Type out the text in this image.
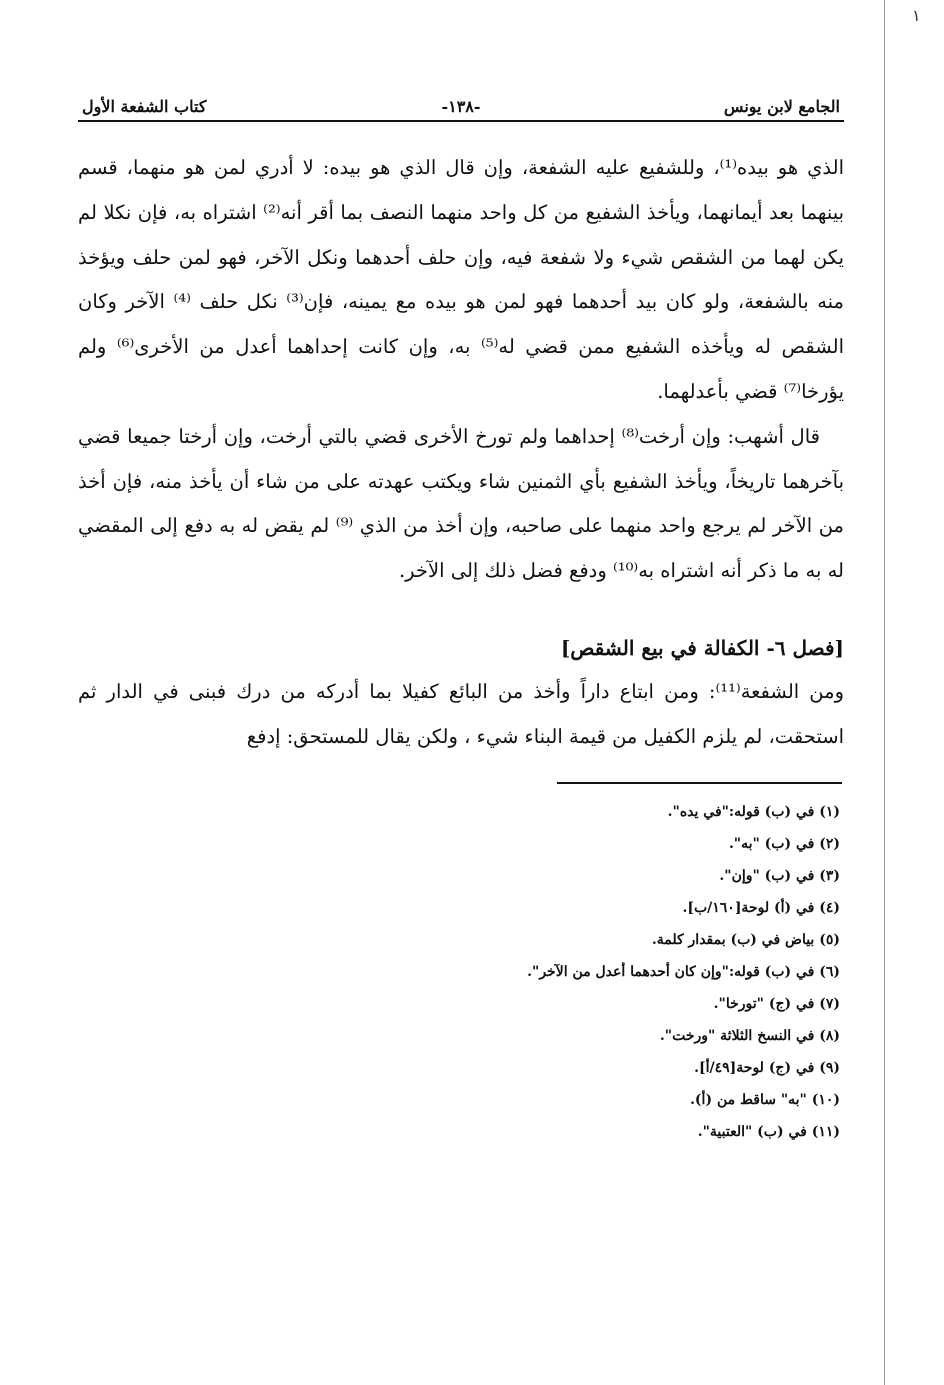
١
الجامع لابن يونس
-١٣٨-
كتاب الشفعة الأول

الذي هو بيده⁽¹⁾، وللشفيع عليه الشفعة، وإن قال الذي هو بيده: لا أدري لمن هو منهما، قسم بينهما بعد أيمانهما، ويأخذ الشفيع من كل واحد منهما النصف بما أقر أنه⁽²⁾ اشتراه به، فإن نكلا لم يكن لهما من الشقص شيء ولا شفعة فيه، وإن حلف أحدهما ونكل الآخر، فهو لمن حلف ويؤخذ منه بالشفعة، ولو كان بيد أحدهما فهو لمن هو بيده مع يمينه، فإن⁽³⁾ نكل حلف ⁽⁴⁾ الآخر وكان الشقص له ويأخذه الشفيع ممن قضي له⁽⁵⁾ به، وإن كانت إحداهما أعدل من الأخرى⁽⁶⁾ ولم يؤرخا⁽⁷⁾ قضي بأعدلهما.

قال أشهب: وإن أرخت⁽⁸⁾ إحداهما ولم تورخ الأخرى قضي بالتي أرخت، وإن أرختا جميعا قضي بآخرهما تاريخاً، ويأخذ الشفيع بأي الثمنين شاء ويكتب عهدته على من شاء أن يأخذ منه، فإن أخذ من الآخر لم يرجع واحد منهما على صاحبه، وإن أخذ من الذي ⁽⁹⁾ لم يقض له به دفع إلى المقضي له به ما ذكر أنه اشتراه به⁽¹⁰⁾ ودفع فضل ذلك إلى الآخر.

[فصل ٦- الكفالة في بيع الشقص]

ومن الشفعة⁽¹¹⁾: ومن ابتاع داراً وأخذ من البائع كفيلا بما أدركه من درك فبنى في الدار ثم استحقت، لم يلزم الكفيل من قيمة البناء شيء ، ولكن يقال للمستحق: إدفع

(١) في (ب) قوله:"في يده".
(٢) في (ب) "به".
(٣) في (ب) "وإن".
(٤) في (أ) لوحة[١٦٠/ب].
(٥) بياض في (ب) بمقدار كلمة.
(٦) في (ب) قوله:"وإن كان أحدهما أعدل من الآخر".
(٧) في (ج) "تورخا".
(٨) في النسخ الثلاثة "ورخت".
(٩) في (ج) لوحة[٤٩/أ].
(١٠) "به" ساقط من (أ).
(١١) في (ب) "العتبية".
